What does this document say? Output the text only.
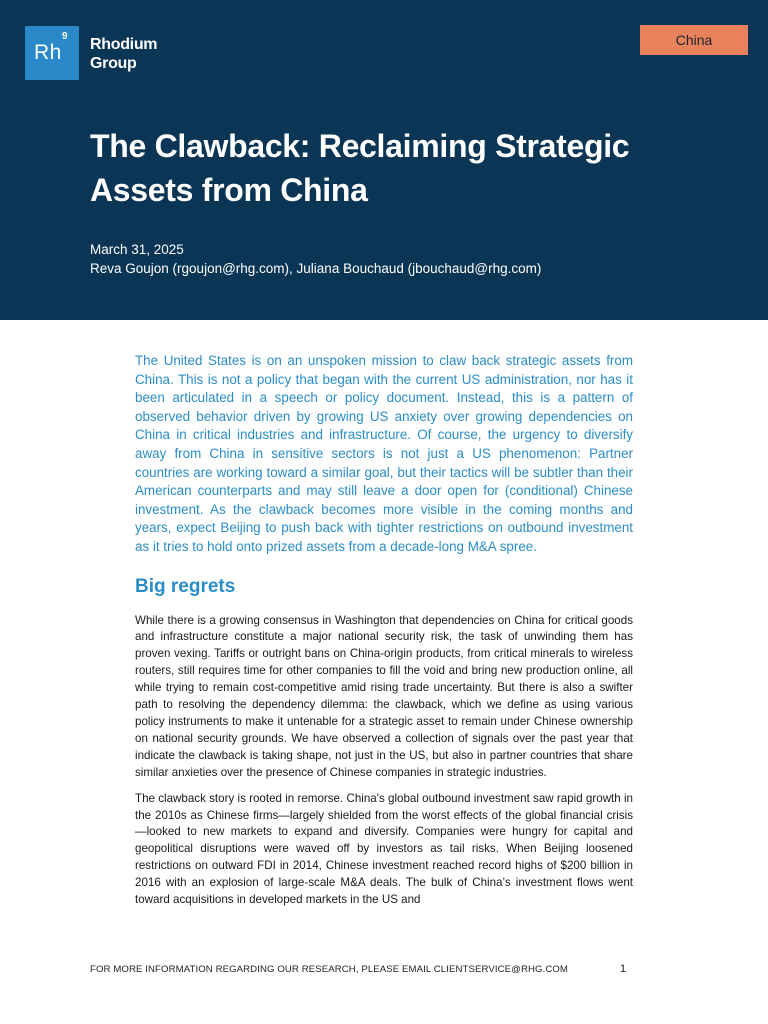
Rh
9 Rhodium
Group
China
The Clawback: Reclaiming Strategic Assets from China
March 31, 2025
Reva Goujon (rgoujon@rhg.com), Juliana Bouchaud (jbouchaud@rhg.com)

The United States is on an unspoken mission to claw back strategic assets from China. This is not a policy that began with the current US administration, nor has it been articulated in a speech or policy document. Instead, this is a pattern of observed behavior driven by growing US anxiety over growing dependencies on China in critical industries and infrastructure. Of course, the urgency to diversify away from China in sensitive sectors is not just a US phenomenon: Partner countries are working toward a similar goal, but their tactics will be subtler than their American counterparts and may still leave a door open for (conditional) Chinese investment. As the clawback becomes more visible in the coming months and years, expect Beijing to push back with tighter restrictions on outbound investment as it tries to hold onto prized assets from a decade-long M&A spree.

Big regrets

While there is a growing consensus in Washington that dependencies on China for critical goods and infrastructure constitute a major national security risk, the task of unwinding them has proven vexing. Tariffs or outright bans on China-origin products, from critical minerals to wireless routers, still requires time for other companies to fill the void and bring new production online, all while trying to remain cost-competitive amid rising trade uncertainty. But there is also a swifter path to resolving the dependency dilemma: the clawback, which we define as using various policy instruments to make it untenable for a strategic asset to remain under Chinese ownership on national security grounds. We have observed a collection of signals over the past year that indicate the clawback is taking shape, not just in the US, but also in partner countries that share similar anxieties over the presence of Chinese companies in strategic industries.

The clawback story is rooted in remorse. China's global outbound investment saw rapid growth in the 2010s as Chinese firms—largely shielded from the worst effects of the global financial crisis—looked to new markets to expand and diversify. Companies were hungry for capital and geopolitical disruptions were waved off by investors as tail risks. When Beijing loosened restrictions on outward FDI in 2014, Chinese investment reached record highs of $200 billion in 2016 with an explosion of large-scale M&A deals. The bulk of China’s investment flows went toward acquisitions in developed markets in the US and

FOR MORE INFORMATION REGARDING OUR RESEARCH, PLEASE EMAIL CLIENTSERVICE@RHG.COM	1
